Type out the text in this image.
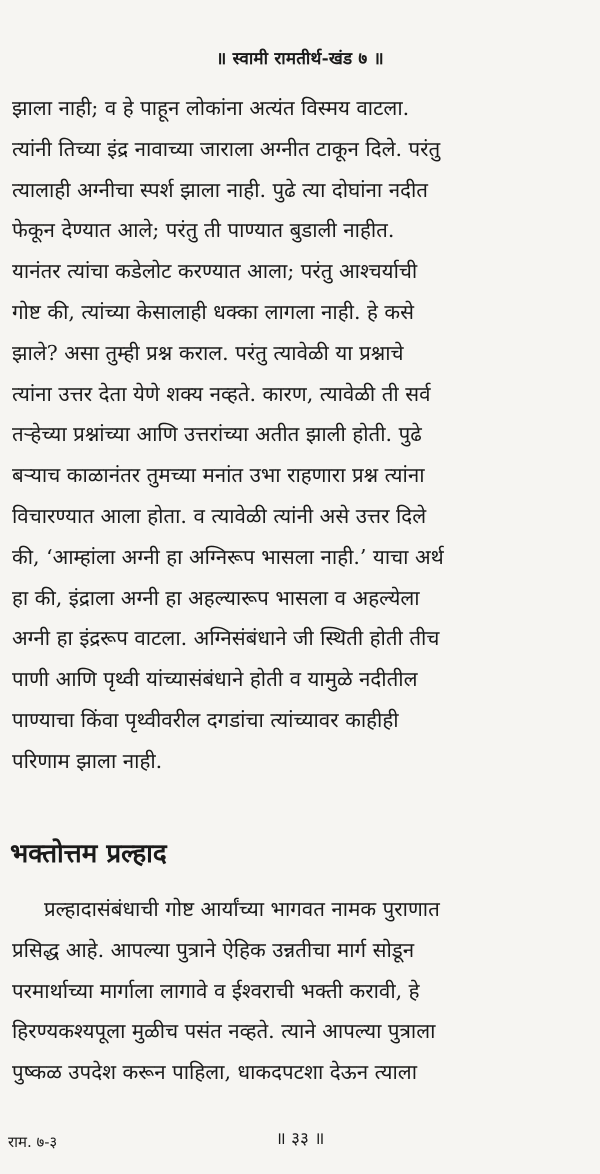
॥ स्वामी रामतीर्थ-खंड ७ ॥
झाला नाही; व हे पाहून लोकांना अत्यंत विस्मय वाटला.
त्यांनी तिच्या इंद्र नावाच्या जाराला अग्नीत टाकून दिले. परंतु
त्यालाही अग्नीचा स्पर्श झाला नाही. पुढे त्या दोघांना नदीत
फेकून देण्यात आले; परंतु ती पाण्यात बुडाली नाहीत.
यानंतर त्यांचा कडेलोट करण्यात आला; परंतु आश्चर्याची
गोष्ट की, त्यांच्या केसालाही धक्का लागला नाही. हे कसे
झाले? असा तुम्ही प्रश्न कराल. परंतु त्यावेळी या प्रश्नाचे
त्यांना उत्तर देता येणे शक्य नव्हते. कारण, त्यावेळी ती सर्व
तऱ्हेच्या प्रश्नांच्या आणि उत्तरांच्या अतीत झाली होती. पुढे
बऱ्याच काळानंतर तुमच्या मनांत उभा राहणारा प्रश्न त्यांना
विचारण्यात आला होता. व त्यावेळी त्यांनी असे उत्तर दिले
की, ‘आम्हांला अग्नी हा अग्निरूप भासला नाही.’ याचा अर्थ
हा की, इंद्राला अग्नी हा अहल्यारूप भासला व अहल्येला
अग्नी हा इंद्ररूप वाटला. अग्निसंबंधाने जी स्थिती होती तीच
पाणी आणि पृथ्वी यांच्यासंबंधाने होती व यामुळे नदीतील
पाण्याचा किंवा पृथ्वीवरील दगडांचा त्यांच्यावर काहीही
परिणाम झाला नाही.
भक्तोत्तम प्रल्हाद
प्रल्हादासंबंधाची गोष्ट आर्यांच्या भागवत नामक पुराणात
प्रसिद्ध आहे. आपल्या पुत्राने ऐहिक उन्नतीचा मार्ग सोडून
परमार्थाच्या मार्गाला लागावे व ईश्वराची भक्ती करावी, हे
हिरण्यकश्यपूला मुळीच पसंत नव्हते. त्याने आपल्या पुत्राला
पुष्कळ उपदेश करून पाहिला, धाकदपटशा देऊन त्याला
॥ ३३ ॥
राम. ७-३
